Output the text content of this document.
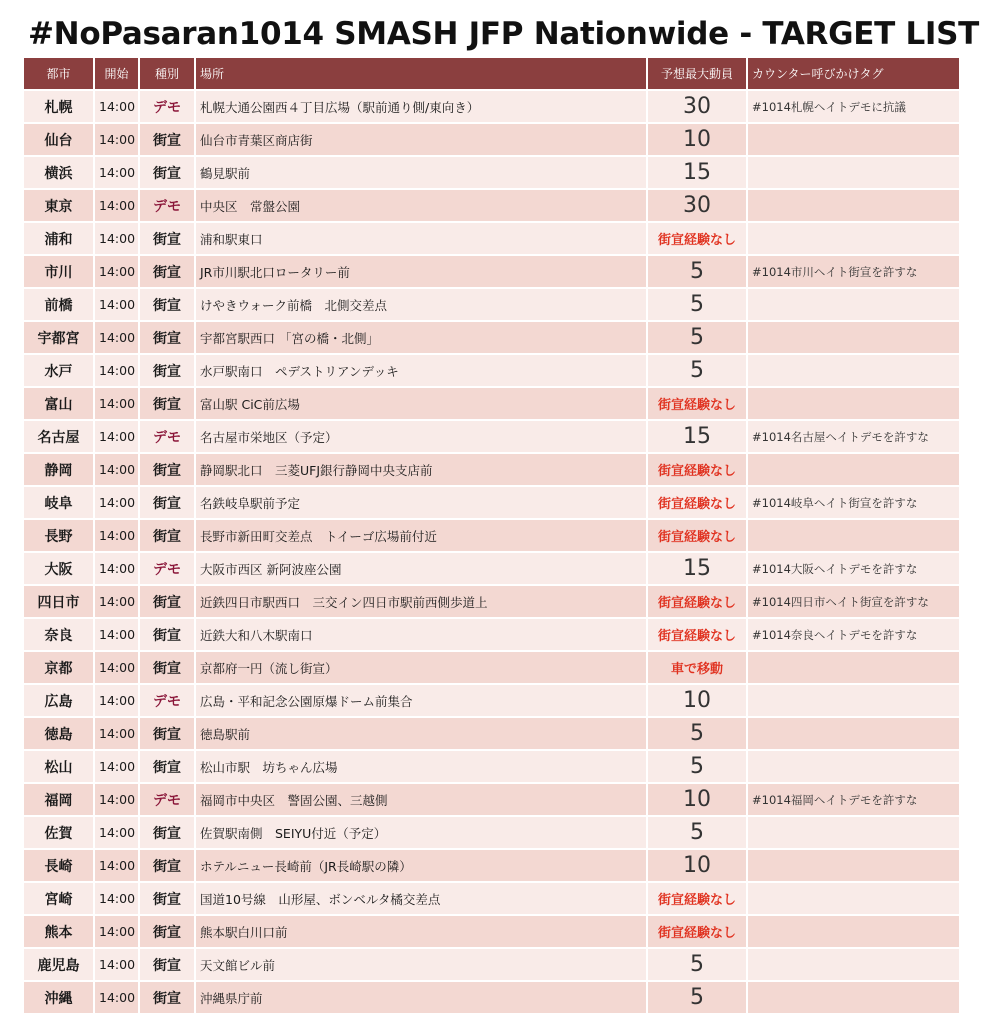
#NoPasaran1014 SMASH JFP Nationwide - TARGET LIST
都市	開始	種別	場所	予想最大動員	カウンター呼びかけタグ
札幌	14:00	デモ	札幌大通公園西４丁目広場（駅前通り側/東向き）	30	#1014札幌ヘイトデモに抗議
仙台	14:00	街宣	仙台市青葉区商店街	10	
横浜	14:00	街宣	鶴見駅前	15	
東京	14:00	デモ	中央区　常盤公園	30	
浦和	14:00	街宣	浦和駅東口	街宣経験なし	
市川	14:00	街宣	JR市川駅北口ロータリー前	5	#1014市川ヘイト街宣を許すな
前橋	14:00	街宣	けやきウォーク前橋　北側交差点	5	
宇都宮	14:00	街宣	宇都宮駅西口 「宮の橋・北側」	5	
水戸	14:00	街宣	水戸駅南口　ペデストリアンデッキ	5	
富山	14:00	街宣	富山駅 CiC前広場	街宣経験なし	
名古屋	14:00	デモ	名古屋市栄地区（予定）	15	#1014名古屋ヘイトデモを許すな
静岡	14:00	街宣	静岡駅北口　三菱UFJ銀行静岡中央支店前	街宣経験なし	
岐阜	14:00	街宣	名鉄岐阜駅前予定	街宣経験なし	#1014岐阜ヘイト街宣を許すな
長野	14:00	街宣	長野市新田町交差点　トイーゴ広場前付近	街宣経験なし	
大阪	14:00	デモ	大阪市西区 新阿波座公園	15	#1014大阪ヘイトデモを許すな
四日市	14:00	街宣	近鉄四日市駅西口　三交イン四日市駅前西側歩道上	街宣経験なし	#1014四日市ヘイト街宣を許すな
奈良	14:00	街宣	近鉄大和八木駅南口	街宣経験なし	#1014奈良ヘイトデモを許すな
京都	14:00	街宣	京都府一円（流し街宣）	車で移動	
広島	14:00	デモ	広島・平和記念公園原爆ドーム前集合	10	
徳島	14:00	街宣	徳島駅前	5	
松山	14:00	街宣	松山市駅　坊ちゃん広場	5	
福岡	14:00	デモ	福岡市中央区　警固公園、三越側	10	#1014福岡ヘイトデモを許すな
佐賀	14:00	街宣	佐賀駅南側　SEIYU付近（予定）	5	
長崎	14:00	街宣	ホテルニュー長崎前（JR長崎駅の隣）	10	
宮崎	14:00	街宣	国道10号線　山形屋、ボンベルタ橘交差点	街宣経験なし	
熊本	14:00	街宣	熊本駅白川口前	街宣経験なし	
鹿児島	14:00	街宣	天文館ビル前	5	
沖縄	14:00	街宣	沖縄県庁前	5	
